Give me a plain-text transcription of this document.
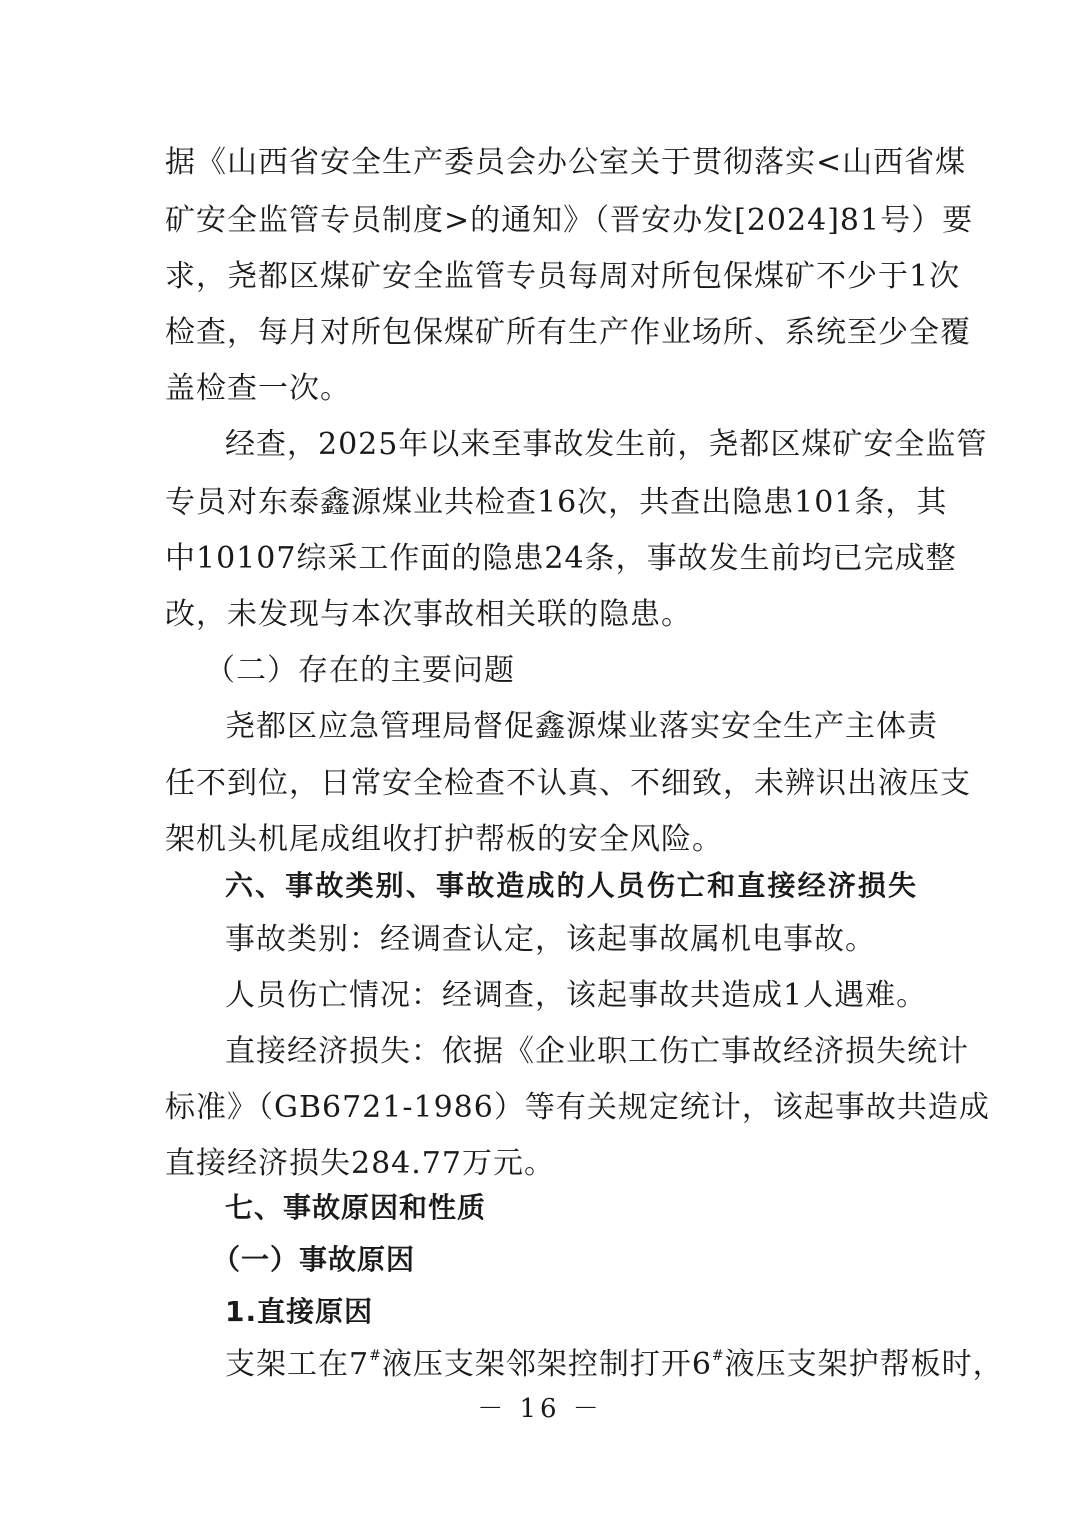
据《山西省安全生产委员会办公室关于贯彻落实<山西省煤
矿安全监管专员制度>的通知》（晋安办发[2024]81号）要
求，尧都区煤矿安全监管专员每周对所包保煤矿不少于1次
检查，每月对所包保煤矿所有生产作业场所、系统至少全覆
盖检查一次。
经查，2025年以来至事故发生前，尧都区煤矿安全监管
专员对东泰鑫源煤业共检查16次，共查出隐患101条，其
中10107综采工作面的隐患24条，事故发生前均已完成整
改，未发现与本次事故相关联的隐患。
（二）存在的主要问题
尧都区应急管理局督促鑫源煤业落实安全生产主体责
任不到位，日常安全检查不认真、不细致，未辨识出液压支
架机头机尾成组收打护帮板的安全风险。
六、事故类别、事故造成的人员伤亡和直接经济损失
事故类别：经调查认定，该起事故属机电事故。
人员伤亡情况：经调查，该起事故共造成1人遇难。
直接经济损失：依据《企业职工伤亡事故经济损失统计
标准》（GB6721-1986）等有关规定统计，该起事故共造成
直接经济损失284.77万元。
七、事故原因和性质
（一）事故原因
1.直接原因
支架工在7#液压支架邻架控制打开6#液压支架护帮板时，
－ 16 －
